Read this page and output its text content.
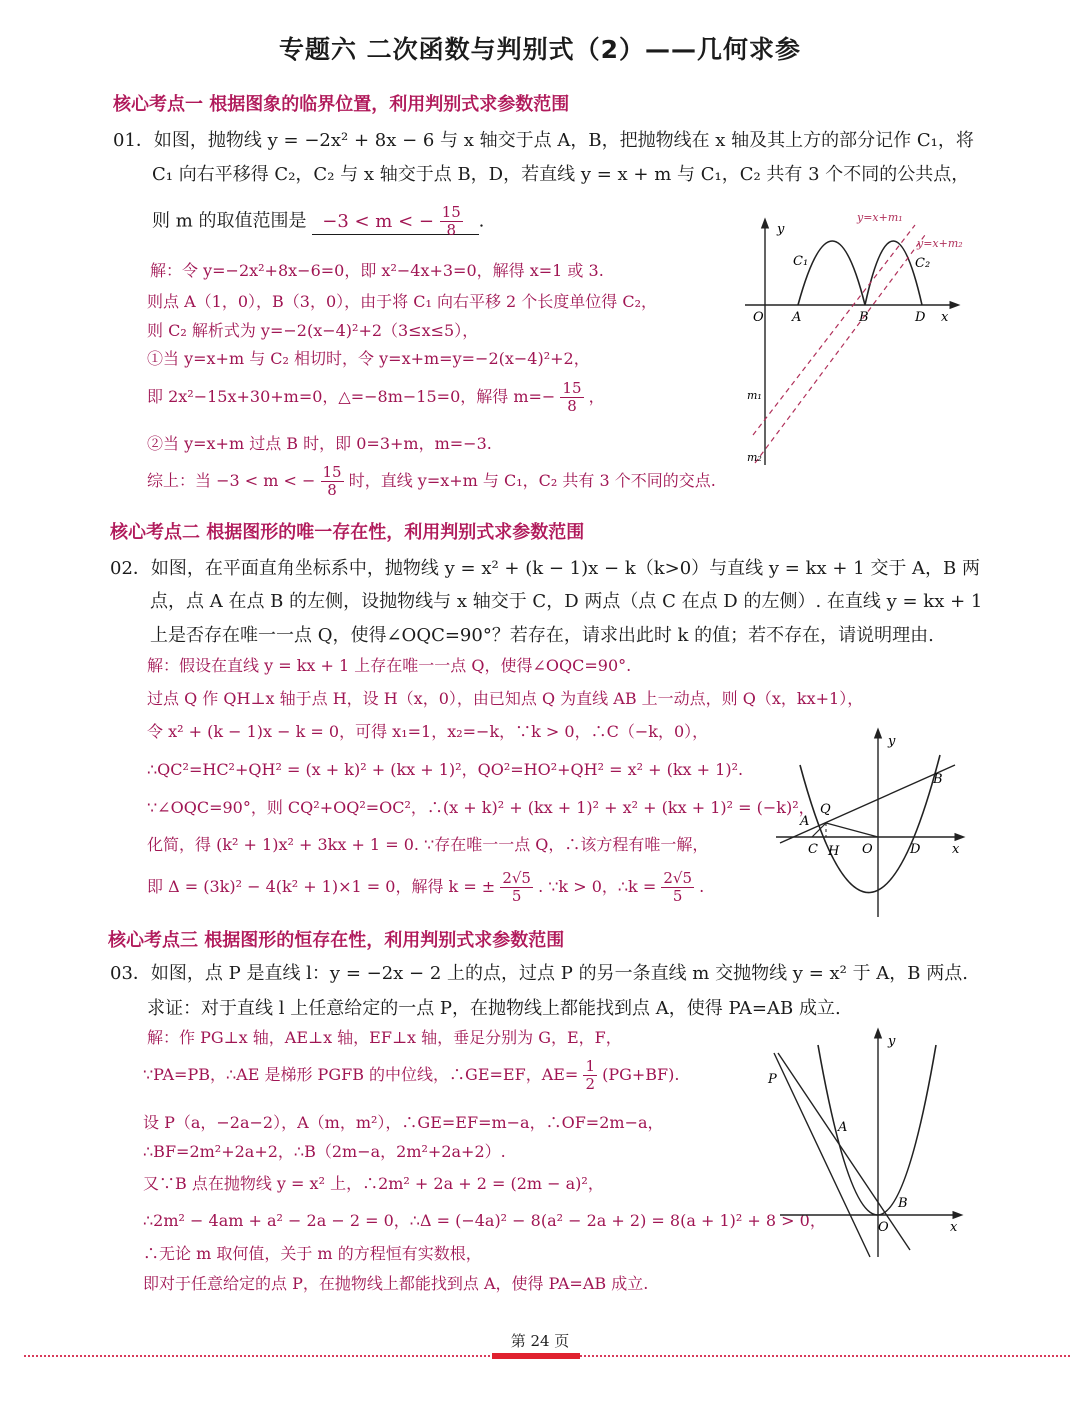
专题六 二次函数与判别式（2）——几何求参
核心考点一 根据图象的临界位置，利用判别式求参数范围
01．如图，抛物线 y = −2x² + 8x − 6 与 x 轴交于点 A，B，把抛物线在 x 轴及其上方的部分记作 C₁，将
C₁ 向右平移得 C₂，C₂ 与 x 轴交于点 B，D，若直线 y = x + m 与 C₁，C₂ 共有 3 个不同的公共点，
则 m 的取值范围是 −3 < m < − $\frac{15}{8}$ .
解：令 y=−2x²+8x−6=0，即 x²−4x+3=0，解得 x=1 或 3.
则点 A（1，0），B（3，0），由于将 C₁ 向右平移 2 个长度单位得 C₂，
则 C₂ 解析式为 y=−2(x−4)²+2（3≤x≤5），
①当 y=x+m 与 C₂ 相切时，令 y=x+m=y=−2(x−4)²+2，
即 2x²−15x+30+m=0，△=−8m−15=0，解得 $m=- \frac{15}{8}$ ，
②当 y=x+m 过点 B 时，即 0=3+m，m=−3.
综上：当 −3 < m < − $\frac{15}{8}$ 时，直线 y=x+m 与 C₁，C₂ 共有 3 个不同的交点.
y
x
O A	B	D
C₁	C₂
y=x+m₁
y=x+m₂
m₁
m₂
核心考点二 根据图形的唯一存在性，利用判别式求参数范围
02．如图，在平面直角坐标系中，抛物线 y = x² + (k − 1)x − k（k>0）与直线 y = kx + 1 交于 A，B 两
点，点 A 在点 B 的左侧，设抛物线与 x 轴交于 C，D 两点（点 C 在点 D 的左侧）. 在直线 y = kx + 1
上是否存在唯一一点 Q，使得∠OQC=90°？若存在，请求出此时 k 的值；若不存在，请说明理由.
解：假设在直线 y = kx + 1 上存在唯一一点 Q，使得∠OQC=90°.
过点 Q 作 QH⊥x 轴于点 H，设 H（x，0），由已知点 Q 为直线 AB 上一动点，则 Q（x，kx+1），
令 x² + (k − 1)x − k = 0，可得 x₁=1，x₂=−k，∵k > 0，∴C（−k，0），
∴QC²=HC²+QH² = (x + k)² + (kx + 1)²，QO²=HO²+QH² = x² + (kx + 1)².
∵∠OQC=90°，则 CQ²+OQ²=OC²，∴(x + k)² + (kx + 1)² + x² + (kx + 1)² = (−k)²，
化简，得 (k² + 1)x² + 3kx + 1 = 0. ∵存在唯一一点 Q，∴该方程有唯一解，
即 Δ = (3k)² − 4(k² + 1)×1 = 0，解得 k = ± $\frac{2√5}{5}$ . ∵k > 0，∴k = $\frac{2√5}{5}$ .
y
x
O
A
B
C H	D
Q
核心考点三 根据图形的恒存在性，利用判别式求参数范围
03．如图，点 P 是直线 l：y = −2x − 2 上的点，过点 P 的另一条直线 m 交抛物线 y = x² 于 A，B 两点.
求证：对于直线 l 上任意给定的一点 P，在抛物线上都能找到点 A，使得 PA=AB 成立.
解：作 PG⊥x 轴，AE⊥x 轴，EF⊥x 轴，垂足分别为 G，E，F，
∵PA=PB，∴AE 是梯形 PGFB 的中位线，∴GE=EF，$AE= \frac{1}{2} (PG+BF)$.
设 P（a，−2a−2），A（m，m²），∴GE=EF=m−a，∴OF=2m−a，
∴BF=2m²+2a+2，∴B（2m−a，2m²+2a+2）.
又∵B 点在抛物线 y = x² 上，∴2m² + 2a + 2 = (2m − a)²，
∴2m² − 4am + a² − 2a − 2 = 0，∴Δ = (−4a)² − 8(a² − 2a + 2) = 8(a + 1)² + 8 > 0，
∴无论 m 取何值，关于 m 的方程恒有实数根，
即对于任意给定的点 P，在抛物线上都能找到点 A，使得 PA=AB 成立.
y
x
O
P
A
B
第 24 页
